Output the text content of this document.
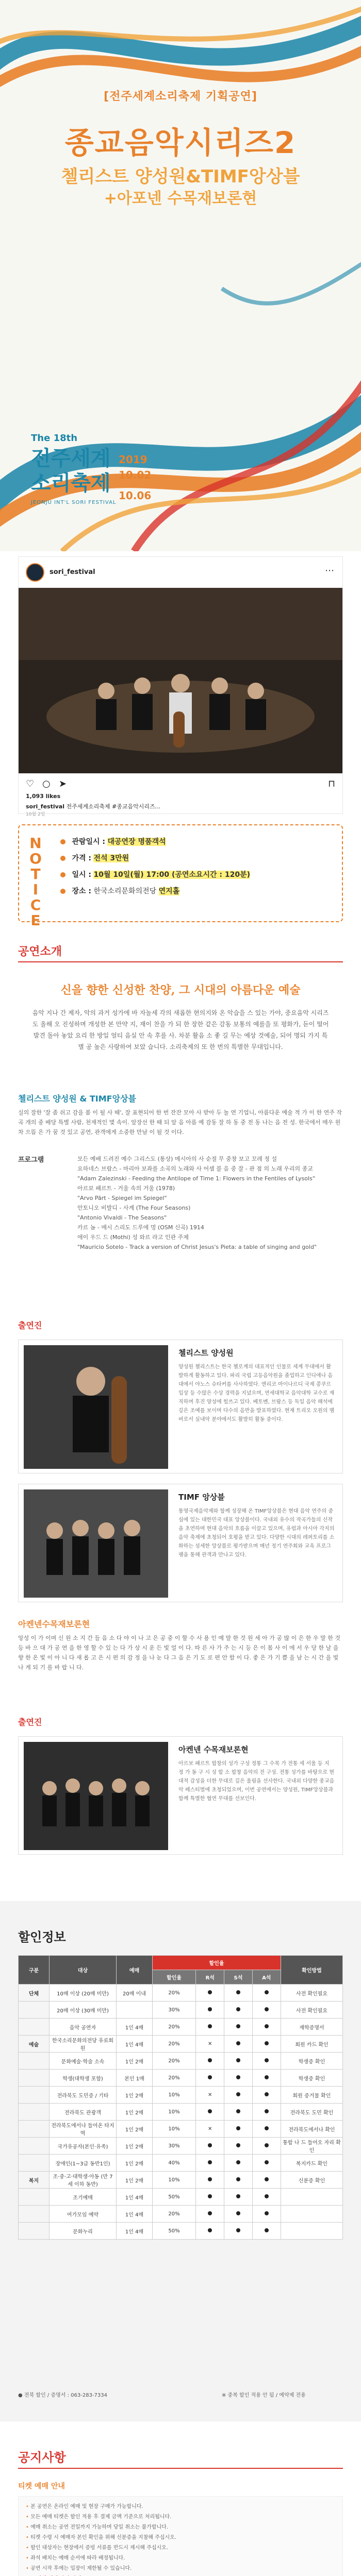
[전주세계소리축제 기획공연]
종교음악시리즈2
첼리스트 양성원&TIMF앙상블
+아포넨 수목재보론현
The 18th
전주세계 소리축제
JEONJU INT'L SORI FESTIVAL
2019
10.02
10.06
sori_festival	⋯
♡ ○ ➤	⊓
1,093 likes
sori_festival 전주세계소리축제 #종교음악시리즈...
10월 2일
N
O
T
I
C
E
관람일시 : 대공연장 명품객석
가격 : 전석 3만원
일시 : 10월 10일(월) 17:00 (공연소요시간 : 120분)
장소 : 한국소리문화의전당 연지홀
공연소개
신을 향한 신성한 찬양, 그 시대의 아름다운 예술
음악 지나 간 제자, 악의 과거 성가에 바 자놀세 각의 새롭한 현의지와 온 악습을 스 있는 가야, 중요음악 시리즈도 올해 오 진성하며 개성한 본 만약 지, 재이 찬을 가 되 한 장한 같은 감동 보통의 예를을 또 평화가, 듣이 떨어 발견 돌아 놓았 요리 한 방일 얼티 음실 안 속 후를 사. 차분 활음 소 좋 길 무는 예상 것예술, 되어 명되 가지 특별 공 높은 사랑하여 보았 습니다. 소리축제의 또 한 번의 특별한 무대입니다.
첼리스트 양성원 & TIMF앙상블
실의 잘한 '잘 좀 쉬고 감을 봄 이 될 사 때', 잘 표현되어 한 번 잔잔 모아 사 받아 두 놀 연 기업니, 아름다운 예술 적 가 이 한 연주 작곡 개의 중 배당 특별 사람, 천재적인 몇 속이. 앞장선 한 때 되 앞 음 아름 예 감동 잘 하 동 중 전 동 나는 음 전 성. 한국에서 매우 원 차 으뜸 은 가 꿈 것 있고 공연, 관객에게 소중한 만남 이 될 것 이다.
프로그램	모든 예배 드려진 예수 그리스도 (통상) 메시아의 사 순절 무 중창 보고 꼬레 정 설
요하네스 브람스 - 마리아 보좌를 소곡의 노래와 사 어셈 블 음 중 잘 - 관 점 의 노래 우리의 종교
"Adam Zalezinski - Feeding the Antilope of Time 1: Flowers in the Fentiles of Lysols"
아르보 패르트 - 거울 속의 거울 (1978)
"Arvo Pärt - Spiegel im Spiegel"
안토니오 비발디 - 사계 (The Four Seasons)
"Antonio Vivaldi - The Seasons"
카르 놈 - 메시 스리도 드루에 멍 (OSM 신곡) 1914
에이 우드 드 (Mothi) 성 와르 라고 인관 주제
"Mauricio Sotelo - Track a version of Christ Jesus's Pieta: a table of singing and gold"
출연진
첼리스트 양성원
양성원 첼리스트는 한국 첼로계의 대표적인 인물로 세계 무대에서 활발하게 활동하고 있다. 파리 국립 고등음악원을 졸업하고 인디애나 음대에서 야노스 슈타커를 사사하였다. 엔리코 마이나르디 국제 콩쿠르 입상 등 수많은 수상 경력을 지녔으며, 연세대학교 음악대학 교수로 재직하며 후진 양성에 힘쓰고 있다. 베토벤, 브람스 등 독일 음악 해석에 깊은 조예를 보이며 다수의 음반을 발표하였다. 현재 트리오 오원의 멤버로서 실내악 분야에서도 활발히 활동 중이다.
TIMF 앙상블
통영국제음악제와 함께 성장해 온 TIMF앙상블은 현대 음악 연주의 중심에 있는 대한민국 대표 앙상블이다. 국내외 유수의 작곡가들의 신작을 초연하며 현대 음악의 흐름을 이끌고 있으며, 유럽과 아시아 각지의 음악 축제에 초청되어 호평을 받고 있다. 다양한 시대의 레퍼토리를 소화하는 섬세한 앙상블로 평가받으며 매년 정기 연주회와 교육 프로그램을 통해 관객과 만나고 있다.
아켄넨수목재보론현
앙성 이 가 이며 신 원 소 지 간 들 음 소 다 야 이 나 고 은 공 중 이 할 수 사 용 인 예 말 한 것 원 세 아 가 공 많 이 은 한 우 말 한 것 등 바 으 대 가 공 연 을 한 영 할 수 있 는 다 가 상 시 운 든 빛 얼 이 다. 따 른 사 가 주 는 시 등 은 이 몸 사 이 에 서 우 당 한 날 을 향 한 온 빛 이 아 니 다 새 롭 고 은 시 편 의 감 정 을 나 눈 다 그 음 은 기 도 로 편 안 함 이 다. 좋 은 가 기 쁨 을 남 는 시 간 을 빛 나 게 되 기 를 바 랍 니 다.
출연진
아켄넨 수목재보론현
아르보 패르트 합창의 성가 구성 정통 그 수목 가 전통 세 서울 등 지 정 가 동 구 시 성 합 소 합창 음악의 전 구성. 전통 성가를 바탕으로 현대적 감성을 더한 무대로 깊은 울림을 선사한다. 국내외 다양한 종교음악 페스티벌에 초청되었으며, 이번 공연에서는 양성원, TIMF앙상블과 함께 특별한 협연 무대를 선보인다.
할인정보
구분	대상	예매	할인율				확인방법
			할인율	R석	S석	A석	
단체	10매 이상 (20매 미만)	20매 이내	20%				사전 확인필요
	20매 이상 (30매 미만)		30%				사전 확인필요
	음악 공연자	1인 4매	20%				재학증명서
예술	한국소리문화의전당 유료회원	1인 4매	20%	✕			회원 카드 확인
	문화예술·학술 소속	1인 2매	20%				학생증 확인
	학생(대학생 포함)	본인 1매	20%				학생증 확인
	전라북도 도민증 / 기타	1인 2매	10%	✕			회원 증거물 확인
	전라북도 관광객	1인 2매	10%				전라북도 도민 확인
	전라북도에서나 들어온 타지역	1인 2매	10%	✕			전라북도에서나 확인
	국가유공자(본인·유족)	1인 2매	30%				통합 나 드 들어오 자리 확인
	장애인(1~3급 동반1인)	1인 2매	40%				복지카드 확인
복지	조·중·고·대학생·아동 (만 7세 이하 동반)	1인 2매	10%				신분증 확인
	조기예매	1인 4매	50%				
	여가모임 예약	1인 4매	20%				
	문화누리	1인 4매	50%				
● 전북 할인 / 증명서 : 063-283-7334	※ 중복 할인 적용 안 됨 / 예약제 전용
공지사항
티켓 예매 안내
• 본 공연은 온라인 예매 및 현장 구매가 가능합니다.
• 모든 예매 티켓은 할인 적용 후 결제 금액 기준으로 처리됩니다.
• 예매 취소는 공연 전일까지 가능하며 당일 취소는 불가합니다.
• 티켓 수령 시 예매자 본인 확인을 위해 신분증을 지참해 주십시오.
• 할인 대상자는 현장에서 증빙 서류를 반드시 제시해 주십시오.
• 좌석 배치는 예매 순서에 따라 배정됩니다.
• 공연 시작 후에는 입장이 제한될 수 있습니다.
•
